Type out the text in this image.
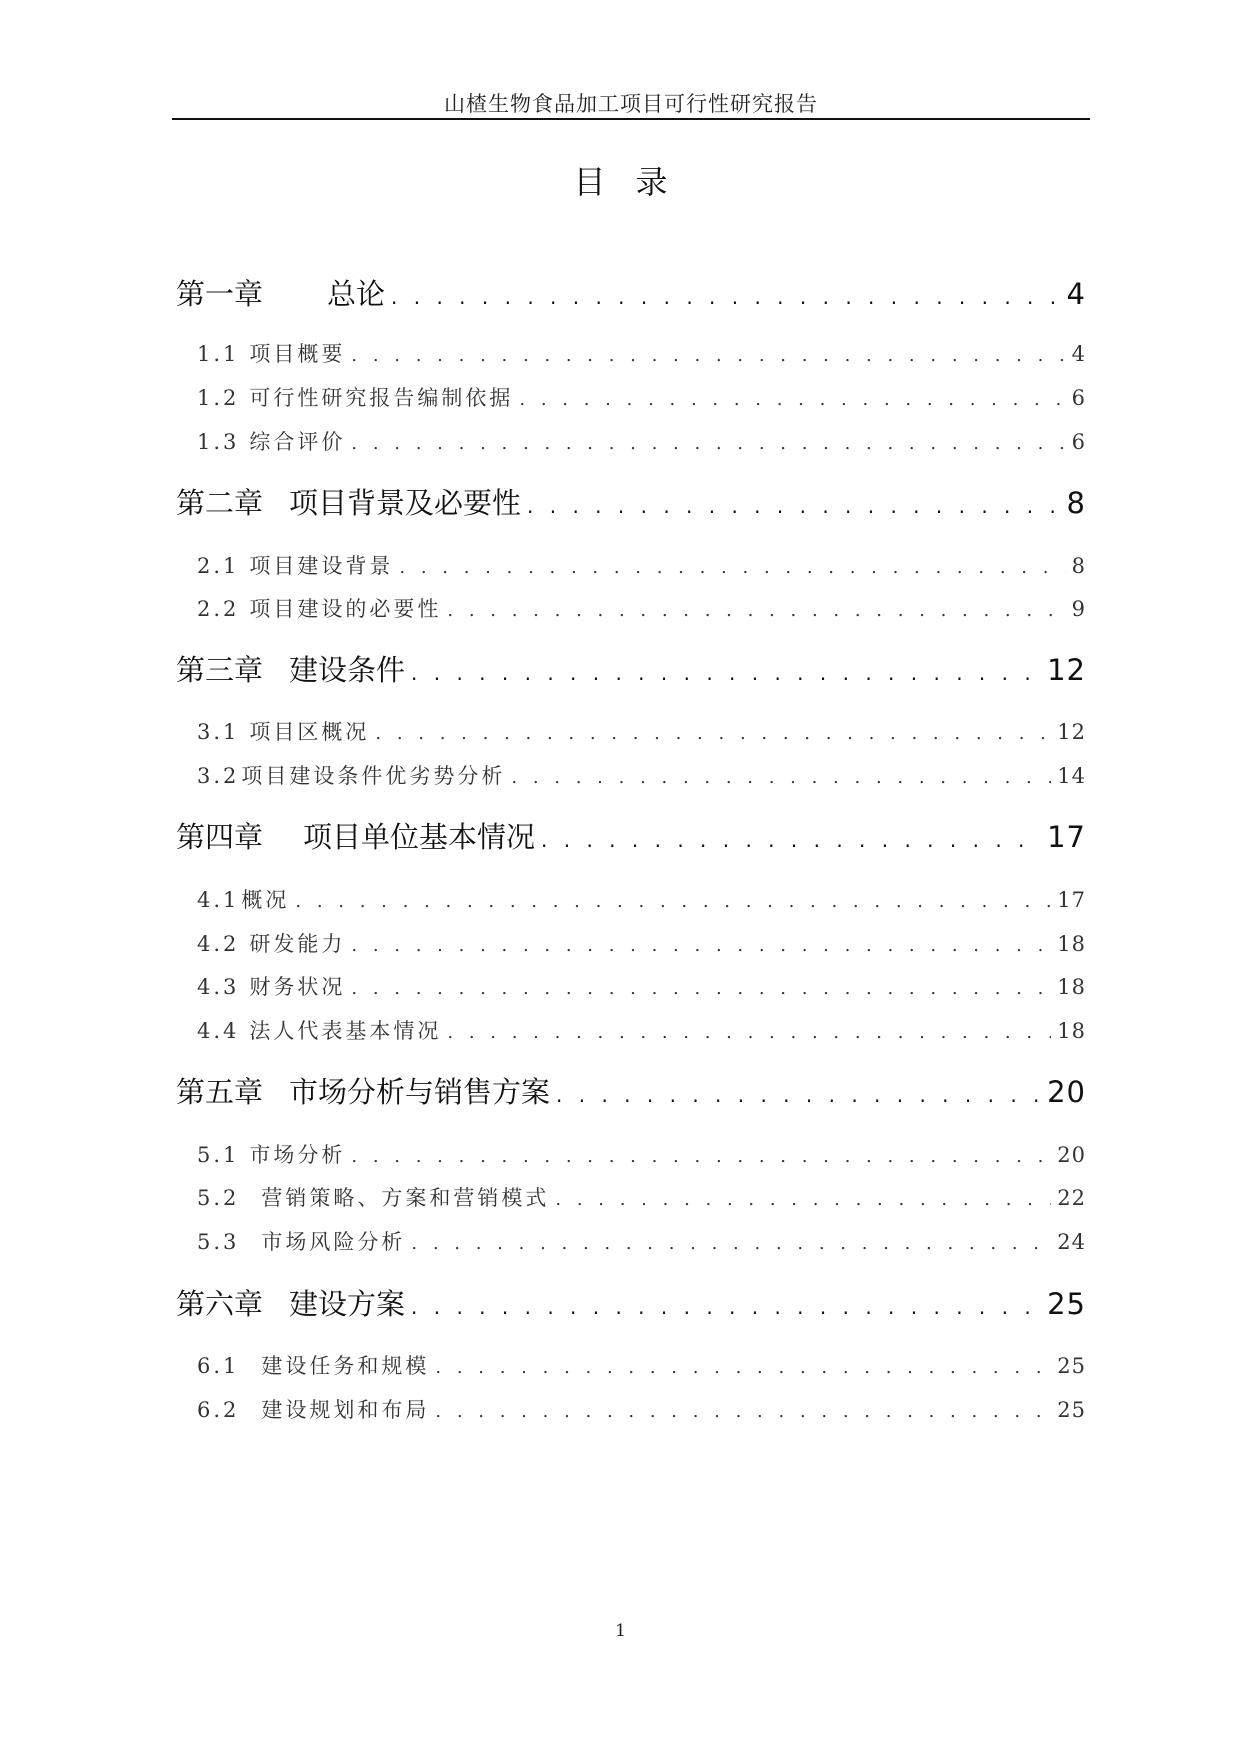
山楂生物食品加工项目可行性研究报告
目录
第一章 总论 . . .	4
1.1 项目概要 . . .	4
1.2 可行性研究报告编制依据 . . .	6
1.3 综合评价 . . .	6
第二章 项目背景及必要性 . . .	8
2.1 项目建设背景 . . .	8
2.2 项目建设的必要性 . . .	9
第三章 建设条件 . . .	12
3.1 项目区概况 . . .	12
3.2 项目建设条件优劣势分析 . . .	14
第四章 项目单位基本情况 . . .	17
4.1 概况 . . .	17
4.2 研发能力 . . .	18
4.3 财务状况 . . .	18
4.4 法人代表基本情况 . . .	18
第五章 市场分析与销售方案 . . .	20
5.1 市场分析 . . .	20
5.2 营销策略、方案和营销模式 . . .	22
5.3 市场风险分析 . . .	24
第六章 建设方案 . . .	25
6.1 建设任务和规模 . . .	25
6.2 建设规划和布局 . . .	25
1
